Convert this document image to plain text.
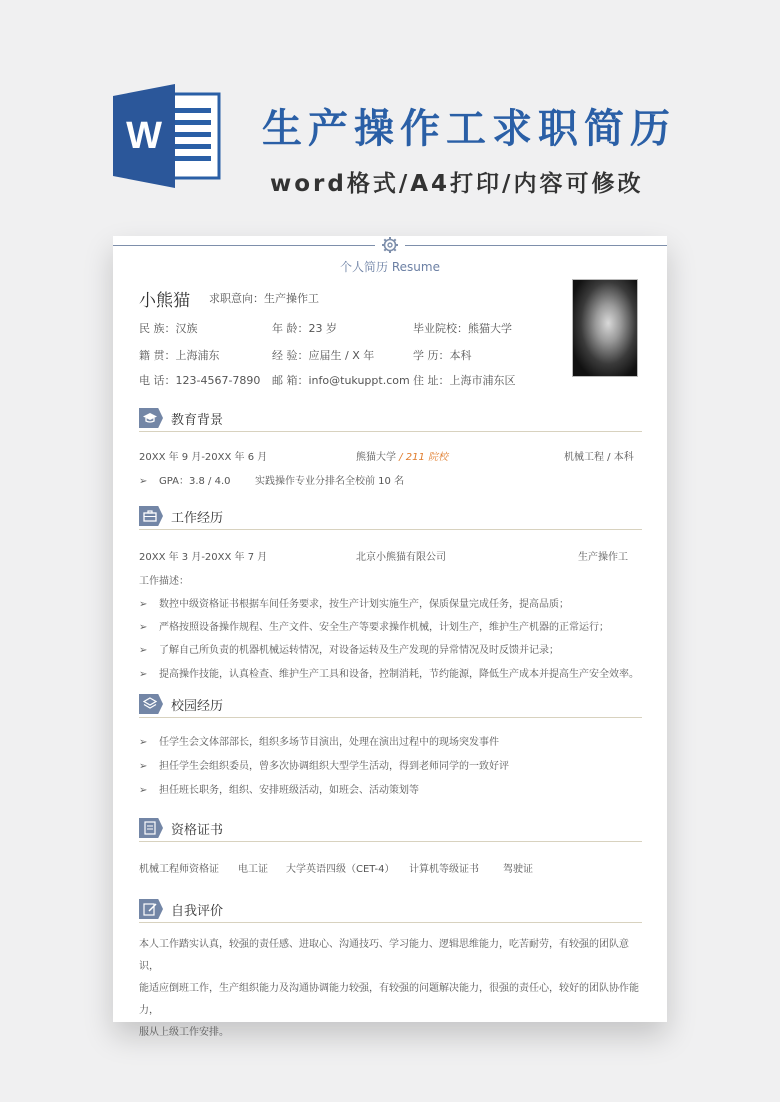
W	生产操作工求职简历
word格式/A4打印/内容可修改
个人简历 Resume
小熊猫 求职意向：生产操作工
民 族：汉族	年 龄：23 岁	毕业院校：熊猫大学
籍 贯：上海浦东	经 验：应届生 / X 年	学 历：本科
电 话：123-4567-7890 邮 箱：info@tukuppt.com 住 址：上海市浦东区
教育背景
20XX 年 9 月-20XX 年 6 月	熊猫大学 / 211 院校	机械工程 / 本科
➢ GPA：3.8 / 4.0 实践操作专业分排名全校前 10 名
工作经历
20XX 年 3 月-20XX 年 7 月	北京小熊猫有限公司	生产操作工
工作描述：
➢ 数控中级资格证书根据车间任务要求，按生产计划实施生产，保质保量完成任务，提高品质；
➢ 严格按照设备操作规程、生产文件、安全生产等要求操作机械，计划生产，维护生产机器的正常运行；
➢ 了解自己所负责的机器机械运转情况，对设备运转及生产发现的异常情况及时反馈并记录；
➢ 提高操作技能，认真检查、维护生产工具和设备，控制消耗，节约能源，降低生产成本并提高生产安全效率。
校园经历
➢ 任学生会文体部部长，组织多场节目演出，处理在演出过程中的现场突发事件
➢ 担任学生会组织委员，曾多次协调组织大型学生活动，得到老师同学的一致好评
➢ 担任班长职务，组织、安排班级活动，如班会、活动策划等
资格证书
机械工程师资格证 电工证 大学英语四级（CET-4） 计算机等级证书 驾驶证
自我评价
本人工作踏实认真，较强的责任感、进取心、沟通技巧、学习能力、逻辑思维能力，吃苦耐劳，有较强的团队意识，
能适应倒班工作，生产组织能力及沟通协调能力较强，有较强的问题解决能力，很强的责任心，较好的团队协作能力，
服从上级工作安排。
